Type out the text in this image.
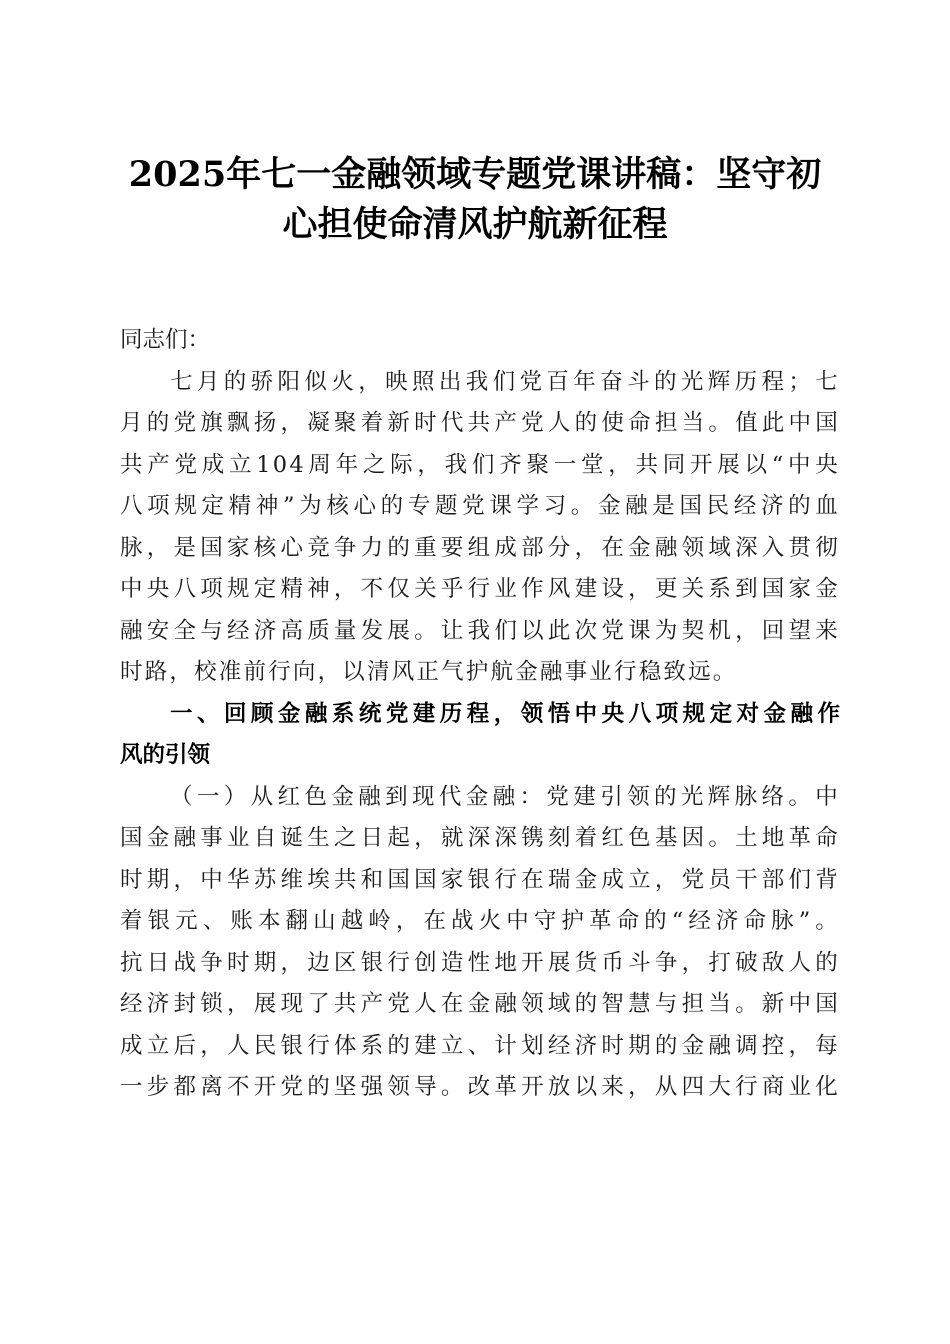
2025年七一金融领域专题党课讲稿：坚守初
心担使命清风护航新征程
同志们：
七月的骄阳似火，映照出我们党百年奋斗的光辉历程；七
月的党旗飘扬，凝聚着新时代共产党人的使命担当。值此中国
共产党成立104周年之际，我们齐聚一堂，共同开展以“中央
八项规定精神”为核心的专题党课学习。金融是国民经济的血
脉，是国家核心竞争力的重要组成部分，在金融领域深入贯彻
中央八项规定精神，不仅关乎行业作风建设，更关系到国家金
融安全与经济高质量发展。让我们以此次党课为契机，回望来
时路，校准前行向，以清风正气护航金融事业行稳致远。
一、回顾金融系统党建历程，领悟中央八项规定对金融作
风的引领
（一）从红色金融到现代金融：党建引领的光辉脉络。中
国金融事业自诞生之日起，就深深镌刻着红色基因。土地革命
时期，中华苏维埃共和国国家银行在瑞金成立，党员干部们背
着银元、账本翻山越岭，在战火中守护革命的“经济命脉”。
抗日战争时期，边区银行创造性地开展货币斗争，打破敌人的
经济封锁，展现了共产党人在金融领域的智慧与担当。新中国
成立后，人民银行体系的建立、计划经济时期的金融调控，每
一步都离不开党的坚强领导。改革开放以来，从四大行商业化
